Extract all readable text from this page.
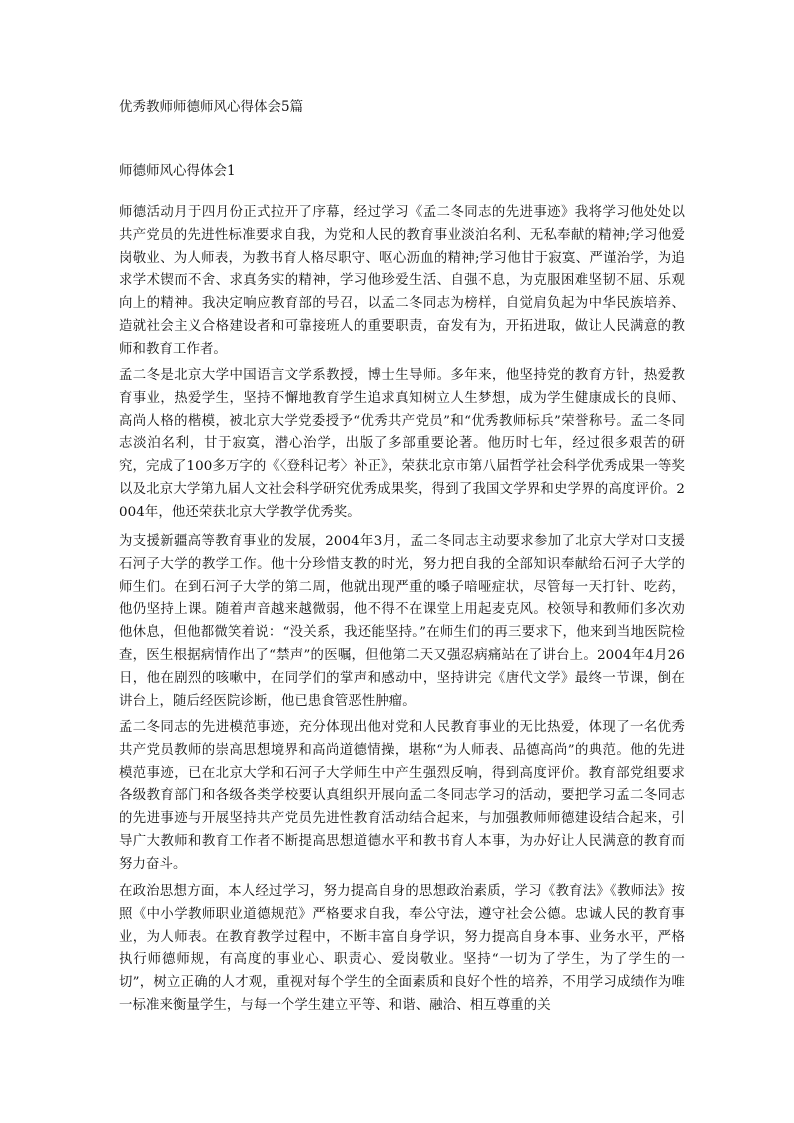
优秀教师师德师风心得体会5篇
师德师风心得体会1

师德活动月于四月份正式拉开了序幕，经过学习《孟二冬同志的先进事迹》我将学习他处处以共产党员的先进性标准要求自我，为党和人民的教育事业淡泊名利、无私奉献的精神;学习他爱岗敬业、为人师表，为教书育人格尽职守、呕心沥血的精神;学习他甘于寂寞、严谨治学，为追求学术锲而不舍、求真务实的精神，学习他珍爱生活、自强不息，为克服困难坚韧不屈、乐观向上的精神。我决定响应教育部的号召，以孟二冬同志为榜样，自觉肩负起为中华民族培养、造就社会主义合格建设者和可靠接班人的重要职责，奋发有为，开拓进取，做让人民满意的教师和教育工作者。

孟二冬是北京大学中国语言文学系教授，博士生导师。多年来，他坚持党的教育方针，热爱教育事业，热爱学生，坚持不懈地教育学生追求真知树立人生梦想，成为学生健康成长的良师、高尚人格的楷模，被北京大学党委授予“优秀共产党员”和“优秀教师标兵”荣誉称号。孟二冬同志淡泊名利，甘于寂寞，潜心治学，出版了多部重要论著。他历时七年，经过很多艰苦的研究，完成了100多万字的《〈登科记考〉补正》，荣获北京市第八届哲学社会科学优秀成果一等奖以及北京大学第九届人文社会科学研究优秀成果奖，得到了我国文学界和史学界的高度评价。2004年，他还荣获北京大学教学优秀奖。

为支援新疆高等教育事业的发展，2004年3月，孟二冬同志主动要求参加了北京大学对口支援石河子大学的教学工作。他十分珍惜支教的时光，努力把自我的全部知识奉献给石河子大学的师生们。在到石河子大学的第二周，他就出现严重的嗓子喑哑症状，尽管每一天打针、吃药，他仍坚持上课。随着声音越来越微弱，他不得不在课堂上用起麦克风。校领导和教师们多次劝他休息，但他都微笑着说：“没关系，我还能坚持。”在师生们的再三要求下，他来到当地医院检查，医生根据病情作出了“禁声”的医嘱，但他第二天又强忍病痛站在了讲台上。2004年4月26日，他在剧烈的咳嗽中，在同学们的掌声和感动中，坚持讲完《唐代文学》最终一节课，倒在讲台上，随后经医院诊断，他已患食管恶性肿瘤。

孟二冬同志的先进模范事迹，充分体现出他对党和人民教育事业的无比热爱，体现了一名优秀共产党员教师的崇高思想境界和高尚道德情操，堪称“为人师表、品德高尚”的典范。他的先进模范事迹，已在北京大学和石河子大学师生中产生强烈反响，得到高度评价。教育部党组要求各级教育部门和各级各类学校要认真组织开展向孟二冬同志学习的活动，要把学习孟二冬同志的先进事迹与开展坚持共产党员先进性教育活动结合起来，与加强教师师德建设结合起来，引导广大教师和教育工作者不断提高思想道德水平和教书育人本事，为办好让人民满意的教育而努力奋斗。

在政治思想方面，本人经过学习，努力提高自身的思想政治素质，学习《教育法》《教师法》按照《中小学教师职业道德规范》严格要求自我，奉公守法，遵守社会公德。忠诚人民的教育事业，为人师表。在教育教学过程中，不断丰富自身学识，努力提高自身本事、业务水平，严格执行师德师规，有高度的事业心、职责心、爱岗敬业。坚持“一切为了学生，为了学生的一切”，树立正确的人才观，重视对每个学生的全面素质和良好个性的培养，不用学习成绩作为唯一标准来衡量学生，与每一个学生建立平等、和谐、融洽、相互尊重的关
